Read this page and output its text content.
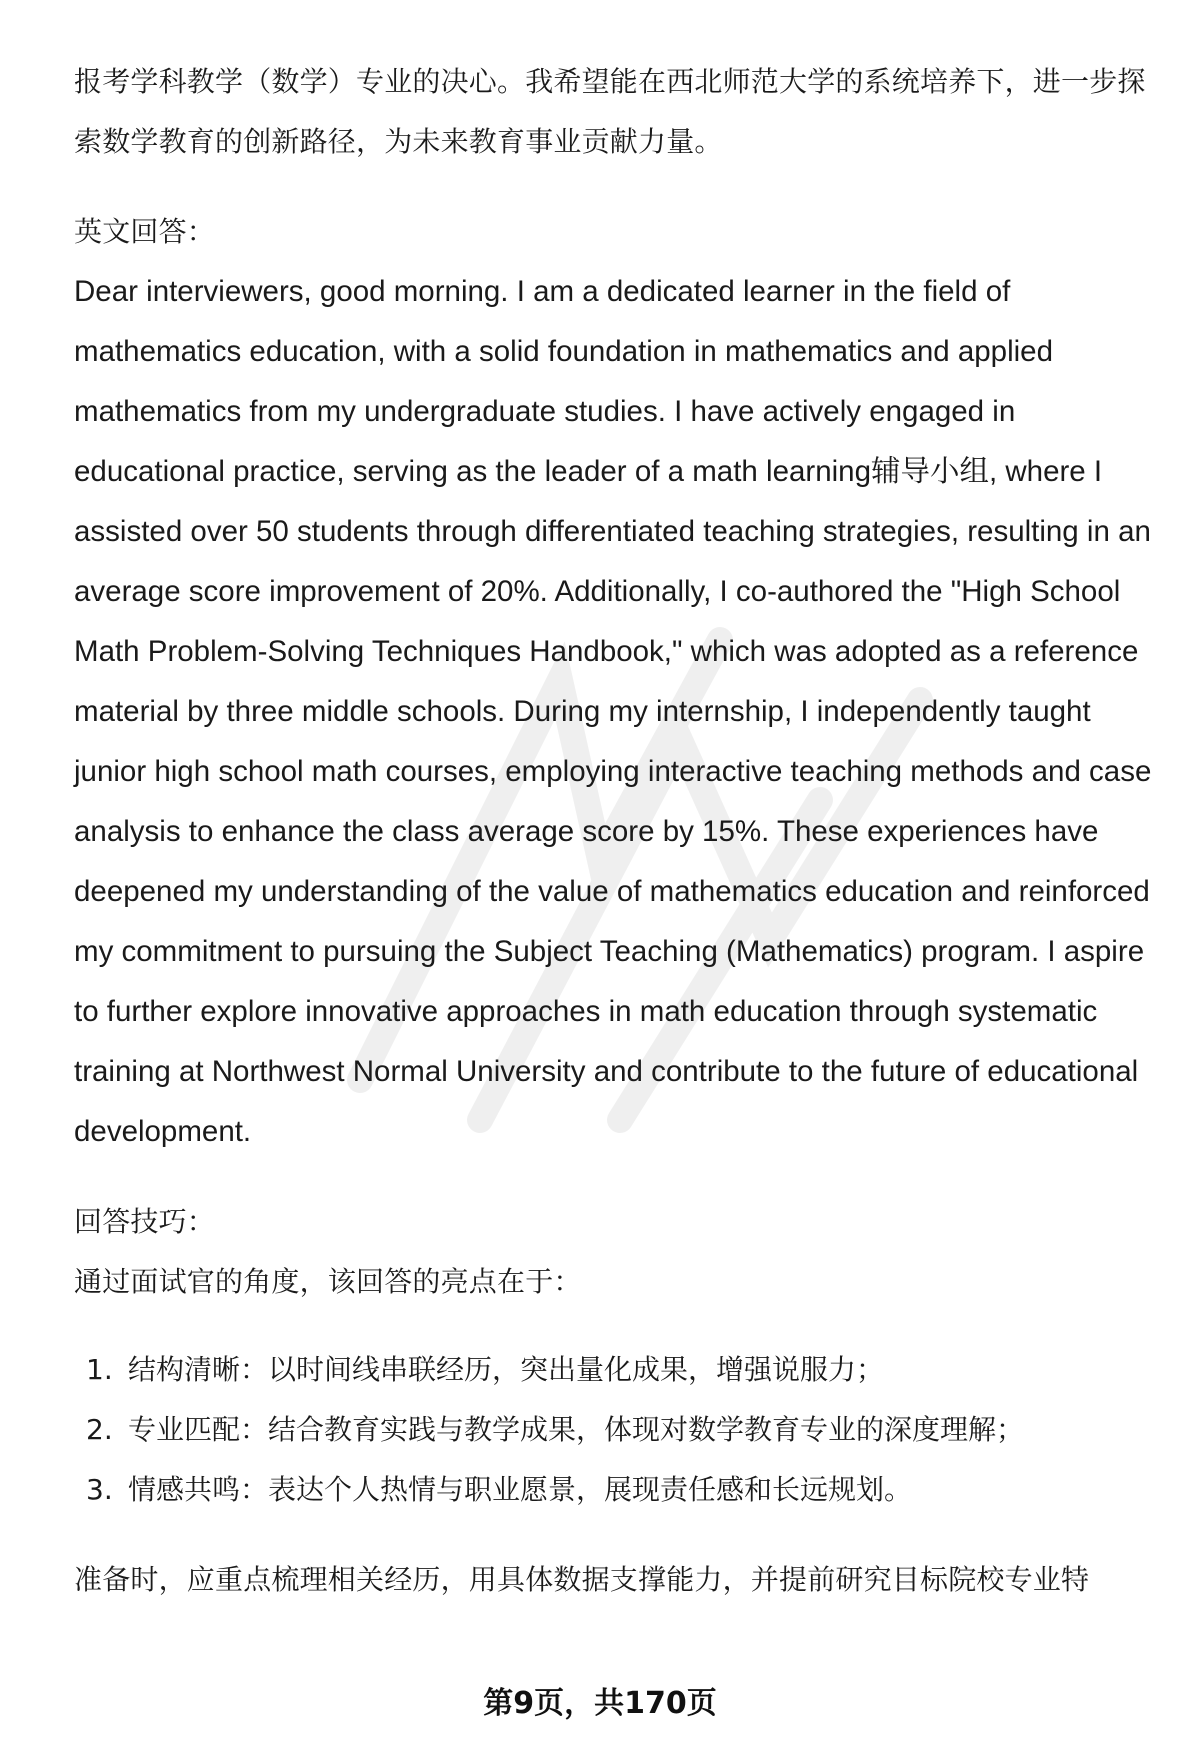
报考学科教学（数学）专业的决心。我希望能在西北师范大学的系统培养下，进一步探索数学教育的创新路径，为未来教育事业贡献力量。

英文回答：

Dear interviewers, good morning. I am a dedicated learner in the field of mathematics education, with a solid foundation in mathematics and applied mathematics from my undergraduate studies. I have actively engaged in educational practice, serving as the leader of a math learning辅导小组, where I assisted over 50 students through differentiated teaching strategies, resulting in an average score improvement of 20%. Additionally, I co-authored the "High School Math Problem-Solving Techniques Handbook," which was adopted as a reference material by three middle schools. During my internship, I independently taught junior high school math courses, employing interactive teaching methods and case analysis to enhance the class average score by 15%. These experiences have deepened my understanding of the value of mathematics education and reinforced my commitment to pursuing the Subject Teaching (Mathematics) program. I aspire to further explore innovative approaches in math education through systematic training at Northwest Normal University and contribute to the future of educational development.

回答技巧：

通过面试官的角度，该回答的亮点在于：

1. 结构清晰：以时间线串联经历，突出量化成果，增强说服力；
2. 专业匹配：结合教育实践与教学成果，体现对数学教育专业的深度理解；
3. 情感共鸣：表达个人热情与职业愿景，展现责任感和长远规划。

准备时，应重点梳理相关经历，用具体数据支撑能力，并提前研究目标院校专业特

第9页，共170页
